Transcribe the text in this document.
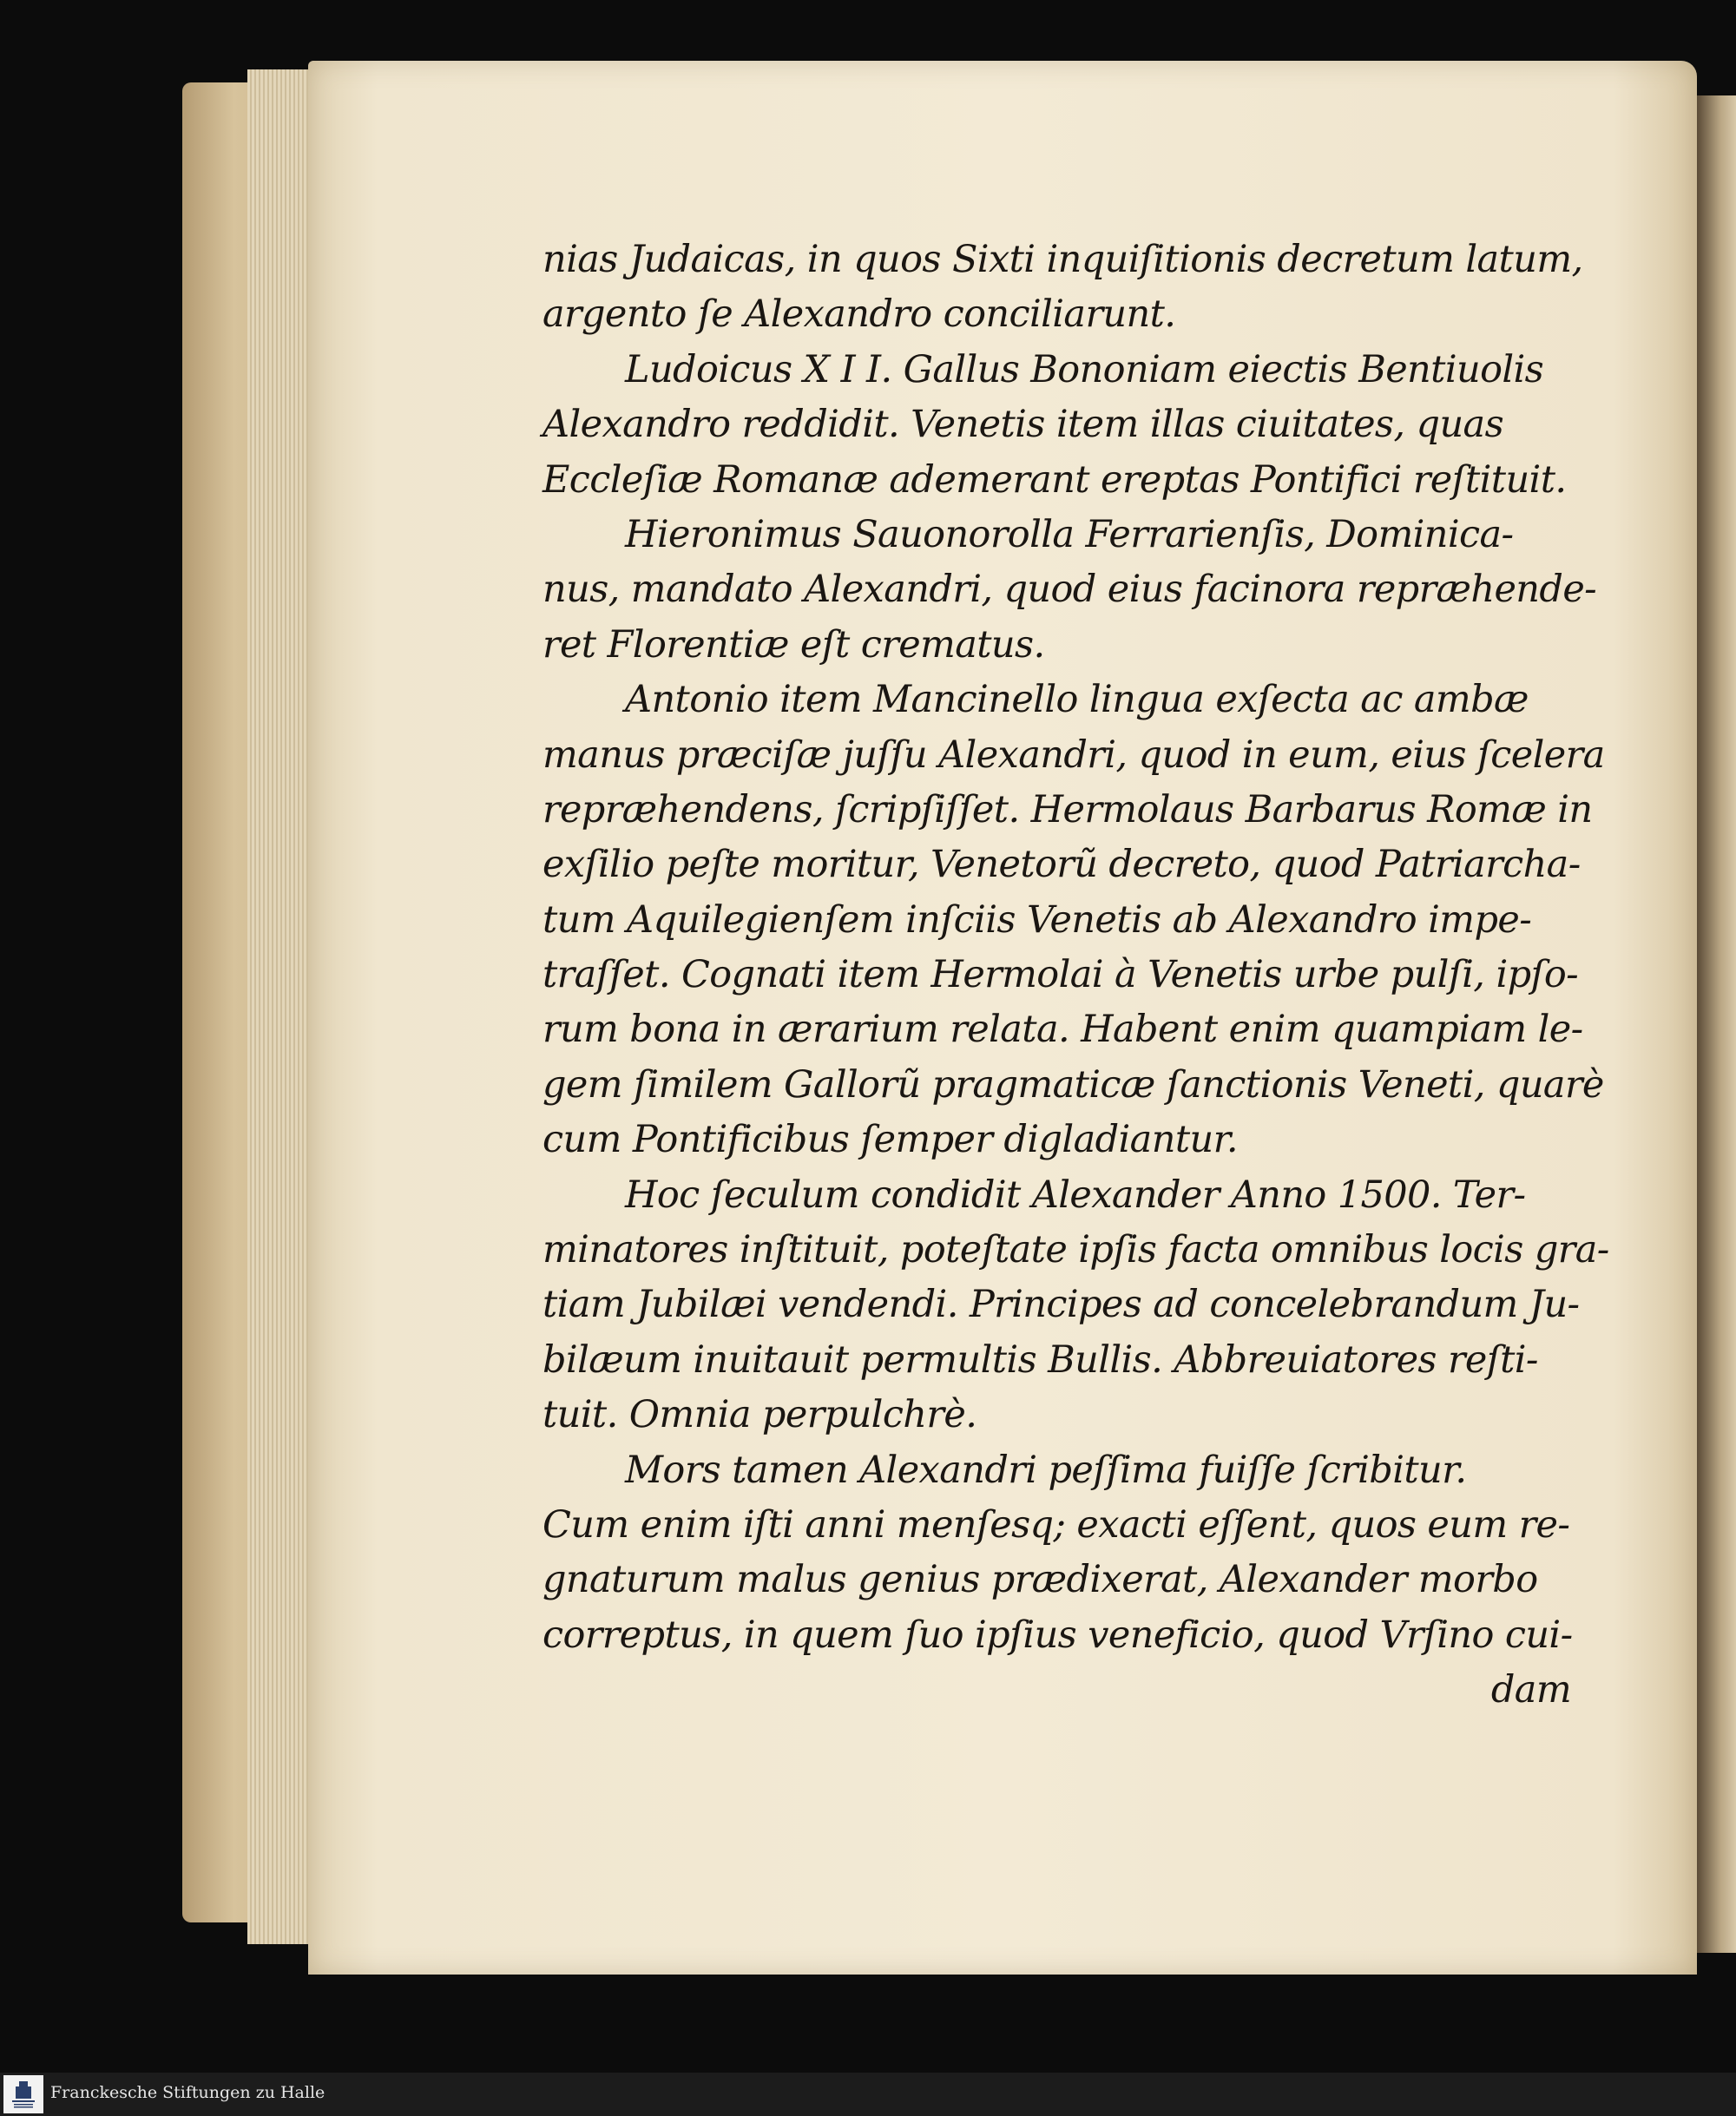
nias Judaicas, in quos Sixti inquiſitionis decretum latum,
argento ſe Alexandro conciliarunt.
Ludoicus X I I. Gallus Bononiam eiectis Bentiuolis
Alexandro reddidit. Venetis item illas ciuitates, quas
Eccleſiæ Romanæ ademerant ereptas Pontifici reſtituit.
Hieronimus Sauonorolla Ferrarienſis, Dominica-
nus, mandato Alexandri, quod eius facinora repræhende-
ret Florentiæ eſt crematus.
Antonio item Mancinello lingua exſecta ac ambæ
manus præciſæ juſſu Alexandri, quod in eum, eius ſcelera
repræhendens, ſcripſiſſet. Hermolaus Barbarus Romæ in
exſilio peſte moritur, Venetorũ decreto, quod Patriarcha-
tum Aquilegienſem inſciis Venetis ab Alexandro impe-
traſſet. Cognati item Hermolai à Venetis urbe pulſi, ipſo-
rum bona in ærarium relata. Habent enim quampiam le-
gem ſimilem Gallorũ pragmaticæ ſanctionis Veneti, quarè
cum Pontificibus ſemper digladiantur.
Hoc ſeculum condidit Alexander Anno 1500. Ter-
minatores inſtituit, poteſtate ipſis facta omnibus locis gra-
tiam Jubilæi vendendi. Principes ad concelebrandum Ju-
bilæum inuitauit permultis Bullis. Abbreuiatores reſti-
tuit. Omnia perpulchrè.
Mors tamen Alexandri peſſima fuiſſe ſcribitur.
Cum enim iſti anni menſesq; exacti eſſent, quos eum re-
gnaturum malus genius prædixerat, Alexander morbo
correptus, in quem ſuo ipſius veneficio, quod Vrſino cui-
dam
Franckesche Stiftungen zu Halle
